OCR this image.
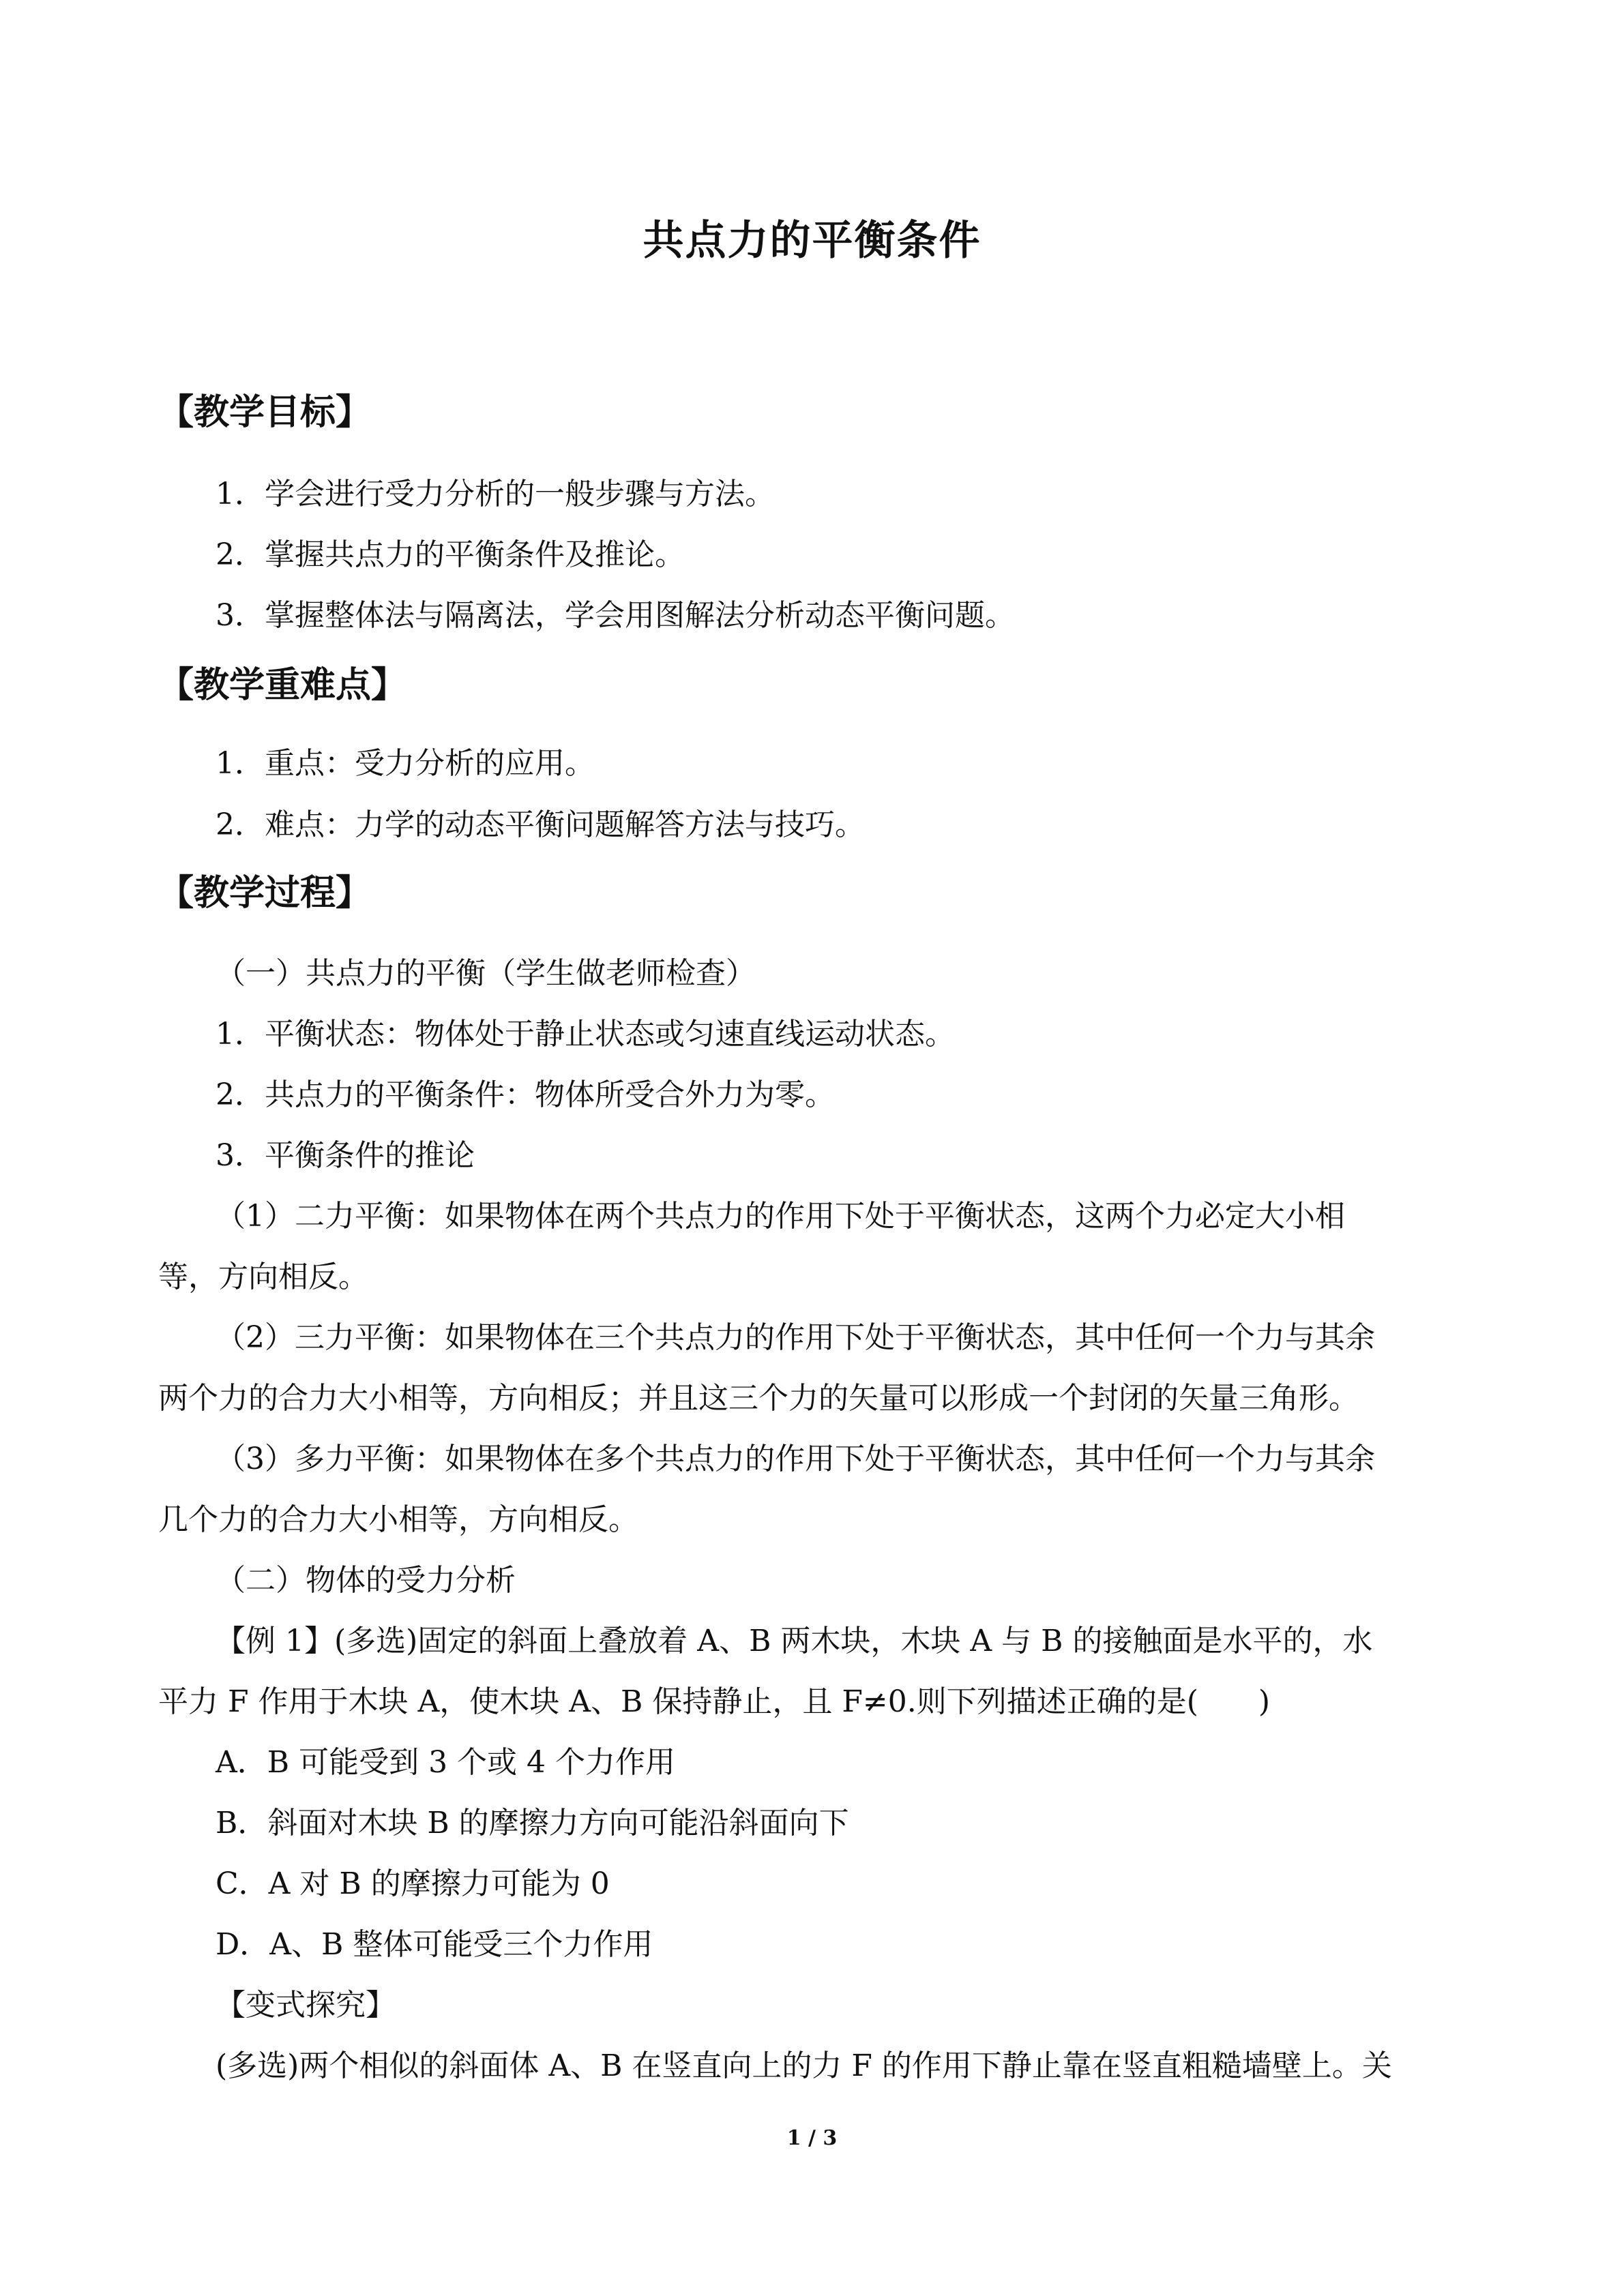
共点力的平衡条件
【教学目标】
1．学会进行受力分析的一般步骤与方法。
2．掌握共点力的平衡条件及推论。
3．掌握整体法与隔离法，学会用图解法分析动态平衡问题。
【教学重难点】
1．重点：受力分析的应用。
2．难点：力学的动态平衡问题解答方法与技巧。
【教学过程】
（一）共点力的平衡（学生做老师检查）
1．平衡状态：物体处于静止状态或匀速直线运动状态。
2．共点力的平衡条件：物体所受合外力为零。
3．平衡条件的推论
（1）二力平衡：如果物体在两个共点力的作用下处于平衡状态，这两个力必定大小相
等，方向相反。
（2）三力平衡：如果物体在三个共点力的作用下处于平衡状态，其中任何一个力与其余
两个力的合力大小相等，方向相反；并且这三个力的矢量可以形成一个封闭的矢量三角形。
（3）多力平衡：如果物体在多个共点力的作用下处于平衡状态，其中任何一个力与其余
几个力的合力大小相等，方向相反。
（二）物体的受力分析
【例 1】(多选)固定的斜面上叠放着 A、B 两木块，木块 A 与 B 的接触面是水平的，水
平力 F 作用于木块 A，使木块 A、B 保持静止，且 F≠0.则下列描述正确的是(　　)
A．B 可能受到 3 个或 4 个力作用
B．斜面对木块 B 的摩擦力方向可能沿斜面向下
C．A 对 B 的摩擦力可能为 0
D．A、B 整体可能受三个力作用
【变式探究】
(多选)两个相似的斜面体 A、B 在竖直向上的力 F 的作用下静止靠在竖直粗糙墙壁上。关
1 / 3
